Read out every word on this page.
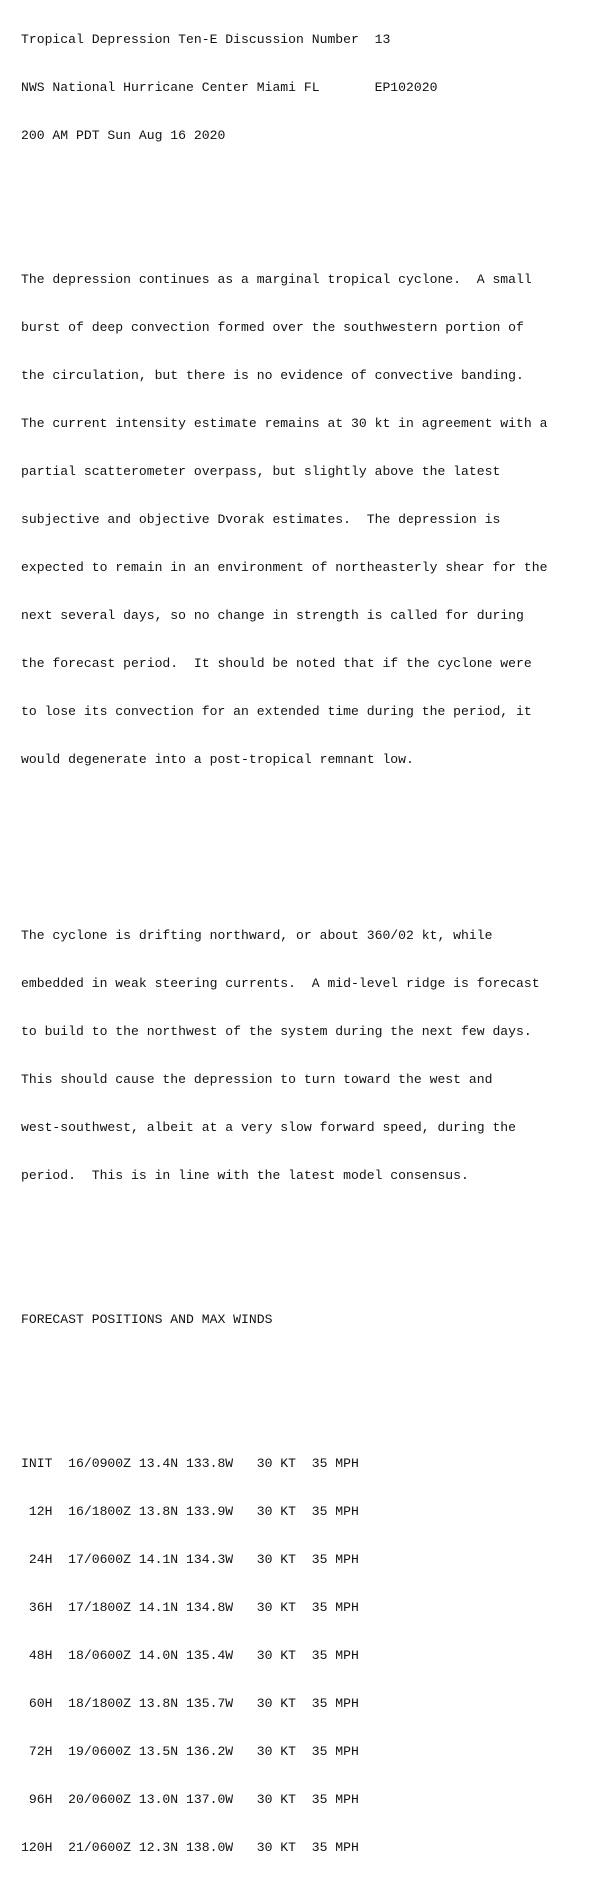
Tropical Depression Ten-E Discussion Number  13

NWS National Hurricane Center Miami FL       EP102020

200 AM PDT Sun Aug 16 2020

The depression continues as a marginal tropical cyclone.  A small

burst of deep convection formed over the southwestern portion of

the circulation, but there is no evidence of convective banding.

The current intensity estimate remains at 30 kt in agreement with a

partial scatterometer overpass, but slightly above the latest

subjective and objective Dvorak estimates.  The depression is

expected to remain in an environment of northeasterly shear for the

next several days, so no change in strength is called for during

the forecast period.  It should be noted that if the cyclone were

to lose its convection for an extended time during the period, it

would degenerate into a post-tropical remnant low.

The cyclone is drifting northward, or about 360/02 kt, while

embedded in weak steering currents.  A mid-level ridge is forecast

to build to the northwest of the system during the next few days.

This should cause the depression to turn toward the west and

west-southwest, albeit at a very slow forward speed, during the

period.  This is in line with the latest model consensus.

FORECAST POSITIONS AND MAX WINDS

INIT  16/0900Z 13.4N 133.8W   30 KT  35 MPH

12H  16/1800Z 13.8N 133.9W   30 KT  35 MPH

24H  17/0600Z 14.1N 134.3W   30 KT  35 MPH

36H  17/1800Z 14.1N 134.8W   30 KT  35 MPH

48H  18/0600Z 14.0N 135.4W   30 KT  35 MPH

60H  18/1800Z 13.8N 135.7W   30 KT  35 MPH

72H  19/0600Z 13.5N 136.2W   30 KT  35 MPH

96H  20/0600Z 13.0N 137.0W   30 KT  35 MPH

120H  21/0600Z 12.3N 138.0W   30 KT  35 MPH
